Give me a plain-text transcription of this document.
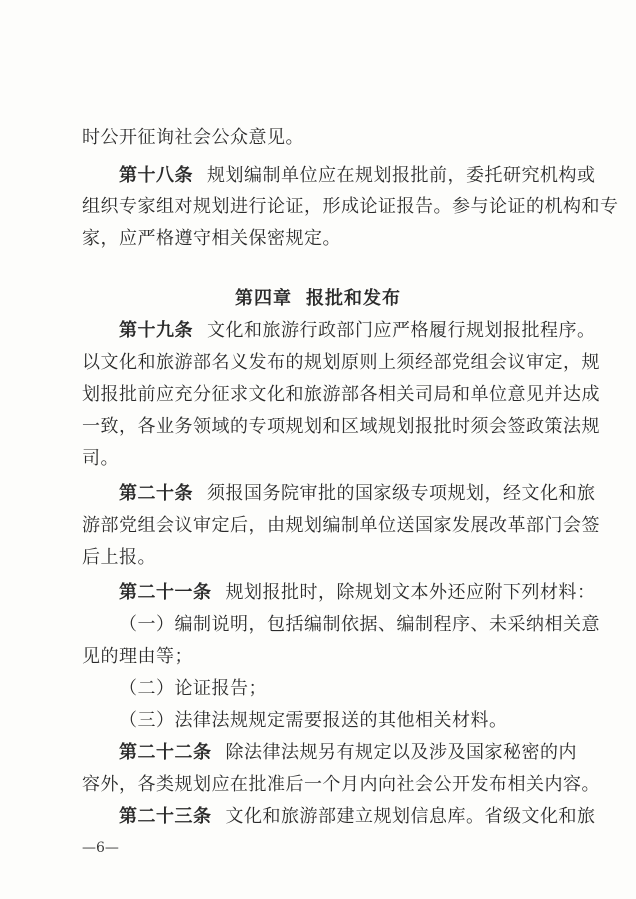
时公开征询社会公众意见。
第十八条 规划编制单位应在规划报批前，委托研究机构或
组织专家组对规划进行论证，形成论证报告。参与论证的机构和专
家，应严格遵守相关保密规定。
第四章 报批和发布
第十九条 文化和旅游行政部门应严格履行规划报批程序。
以文化和旅游部名义发布的规划原则上须经部党组会议审定，规
划报批前应充分征求文化和旅游部各相关司局和单位意见并达成
一致，各业务领域的专项规划和区域规划报批时须会签政策法规
司。
第二十条 须报国务院审批的国家级专项规划，经文化和旅
游部党组会议审定后，由规划编制单位送国家发展改革部门会签
后上报。
第二十一条 规划报批时，除规划文本外还应附下列材料：
（一）编制说明，包括编制依据、编制程序、未采纳相关意
见的理由等；
（二）论证报告；
（三）法律法规规定需要报送的其他相关材料。
第二十二条 除法律法规另有规定以及涉及国家秘密的内
容外，各类规划应在批准后一个月内向社会公开发布相关内容。
第二十三条 文化和旅游部建立规划信息库。省级文化和旅
—6—
